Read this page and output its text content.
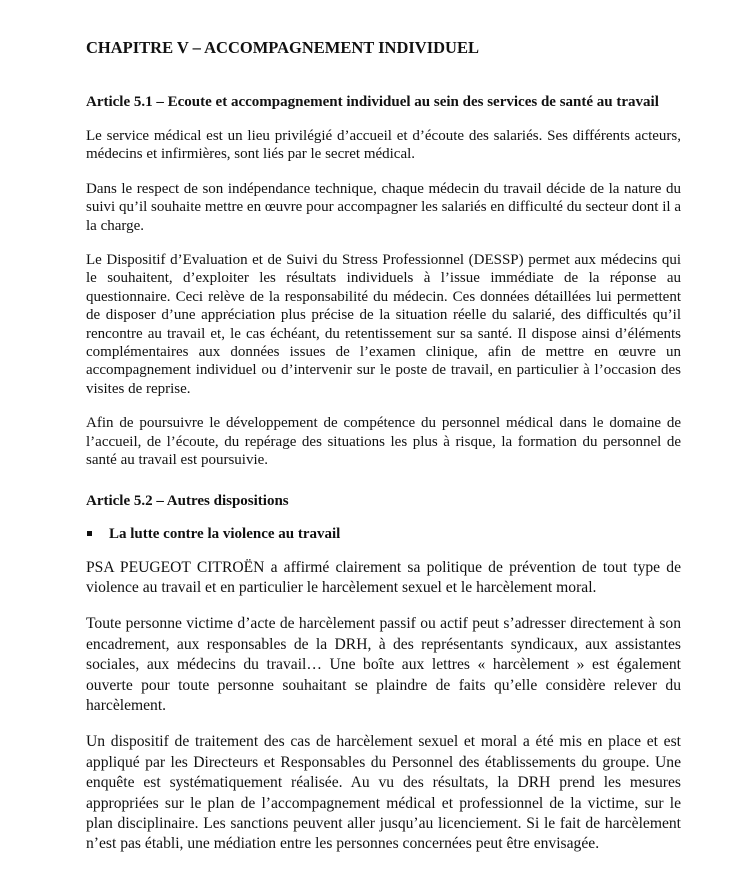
CHAPITRE V – ACCOMPAGNEMENT INDIVIDUEL
Article 5.1 – Ecoute et accompagnement individuel au sein des services de santé au travail

Le service médical est un lieu privilégié d’accueil et d’écoute des salariés. Ses différents acteurs, médecins et infirmières, sont liés par le secret médical.

Dans le respect de son indépendance technique, chaque médecin du travail décide de la nature du suivi qu’il souhaite mettre en œuvre pour accompagner les salariés en difficulté du secteur dont il a la charge.

Le Dispositif d’Evaluation et de Suivi du Stress Professionnel (DESSP) permet aux médecins qui le souhaitent, d’exploiter les résultats individuels à l’issue immédiate de la réponse au questionnaire. Ceci relève de la responsabilité du médecin. Ces données détaillées lui permettent de disposer d’une appréciation plus précise de la situation réelle du salarié, des difficultés qu’il rencontre au travail et, le cas échéant, du retentissement sur sa santé. Il dispose ainsi d’éléments complémentaires aux données issues de l’examen clinique, afin de mettre en œuvre un accompagnement individuel ou d’intervenir sur le poste de travail, en particulier à l’occasion des visites de reprise.

Afin de poursuivre le développement de compétence du personnel médical dans le domaine de l’accueil, de l’écoute, du repérage des situations les plus à risque, la formation du personnel de santé au travail est poursuivie.

Article 5.2 – Autres dispositions
La lutte contre la violence au travail

PSA PEUGEOT CITROËN a affirmé clairement sa politique de prévention de tout type de violence au travail et en particulier le harcèlement sexuel et le harcèlement moral.

Toute personne victime d’acte de harcèlement passif ou actif peut s’adresser directement à son encadrement, aux responsables de la DRH, à des représentants syndicaux, aux assistantes sociales, aux médecins du travail… Une boîte aux lettres « harcèlement » est également ouverte pour toute personne souhaitant se plaindre de faits qu’elle considère relever du harcèlement.

Un dispositif de traitement des cas de harcèlement sexuel et moral a été mis en place et est appliqué par les Directeurs et Responsables du Personnel des établissements du groupe. Une enquête est systématiquement réalisée. Au vu des résultats, la DRH prend les mesures appropriées sur le plan de l’accompagnement médical et professionnel de la victime, sur le plan disciplinaire. Les sanctions peuvent aller jusqu’au licenciement. Si le fait de harcèlement n’est pas établi, une médiation entre les personnes concernées peut être envisagée.
